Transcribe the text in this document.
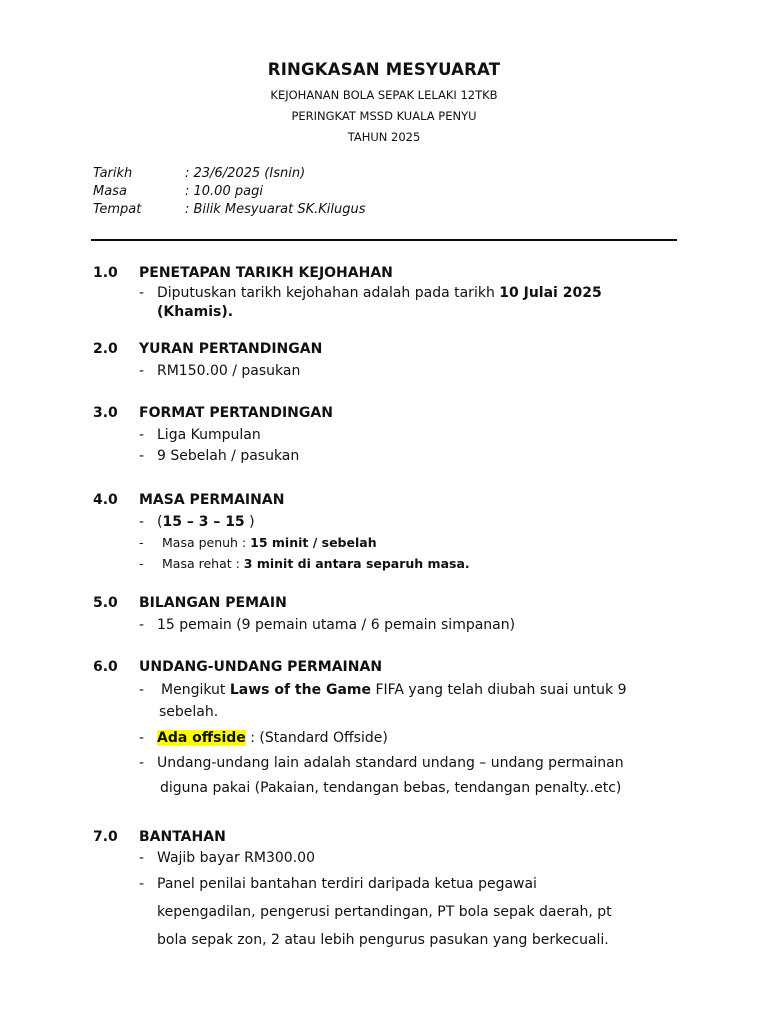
RINGKASAN MESYUARAT
KEJOHANAN BOLA SEPAK LELAKI 12TKB
PERINGKAT MSSD KUALA PENYU
TAHUN 2025
Tarikh	: 23/6/2025 (Isnin)
Masa	: 10.00 pagi
Tempat	: Bilik Mesyuarat SK.Kilugus
1.0 PENETAPAN TARIKH KEJOHAHAN
- Diputuskan tarikh kejohahan adalah pada tarikh 10 Julai 2025
(Khamis).
2.0 YURAN PERTANDINGAN
- RM150.00 / pasukan
3.0 FORMAT PERTANDINGAN
- Liga Kumpulan
- 9 Sebelah / pasukan
4.0 MASA PERMAINAN
- (15 – 3 – 15 )
- Masa penuh : 15 minit / sebelah
- Masa rehat : 3 minit di antara separuh masa.
5.0 BILANGAN PEMAIN
- 15 pemain (9 pemain utama / 6 pemain simpanan)
6.0 UNDANG-UNDANG PERMAINAN
- Mengikut Laws of the Game FIFA yang telah diubah suai untuk 9
sebelah.
- Ada offside : (Standard Offside)
- Undang-undang lain adalah standard undang – undang permainan
diguna pakai (Pakaian, tendangan bebas, tendangan penalty..etc)
7.0 BANTAHAN
- Wajib bayar RM300.00
- Panel penilai bantahan terdiri daripada ketua pegawai
kepengadilan, pengerusi pertandingan, PT bola sepak daerah, pt
bola sepak zon, 2 atau lebih pengurus pasukan yang berkecuali.
